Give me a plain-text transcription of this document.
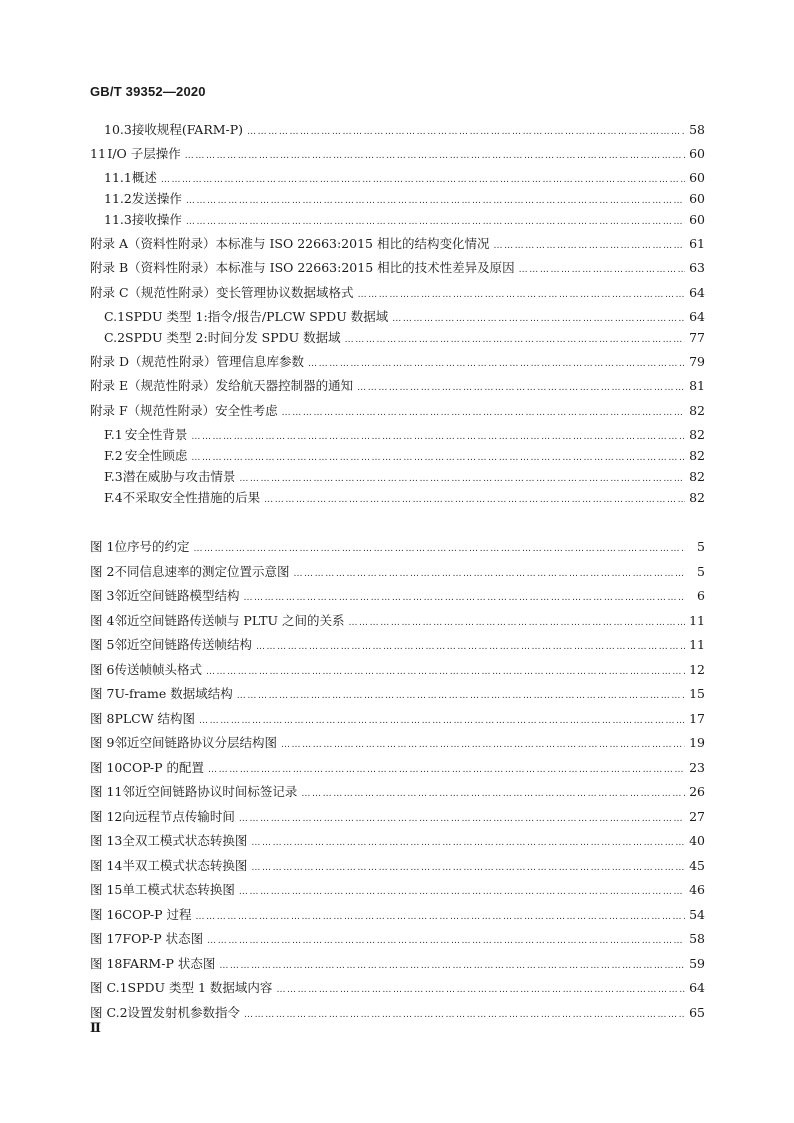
GB/T 39352—2020
10.3 接收规程(FARM-P) …………………………………………………………………………………………………………………………………………………………………………………………………………	58
11 I/O 子层操作 …………………………………………………………………………………………………………………………………………………………………………………………………………	60
11.1 概述 …………………………………………………………………………………………………………………………………………………………………………………………………………	60
11.2 发送操作 …………………………………………………………………………………………………………………………………………………………………………………………………………	60
11.3 接收操作 …………………………………………………………………………………………………………………………………………………………………………………………………………	60
附录 A（资料性附录） 本标准与 ISO 22663:2015 相比的结构变化情况 …………………………………………………………………………………………………………………………………………………………………………………………………………	61
附录 B（资料性附录） 本标准与 ISO 22663:2015 相比的技术性差异及原因 …………………………………………………………………………………………………………………………………………………………………………………………………………	63
附录 C（规范性附录） 变长管理协议数据域格式 …………………………………………………………………………………………………………………………………………………………………………………………………………	64
C.1 SPDU 类型 1:指令/报告/PLCW SPDU 数据域 …………………………………………………………………………………………………………………………………………………………………………………………………………	64
C.2 SPDU 类型 2:时间分发 SPDU 数据域 …………………………………………………………………………………………………………………………………………………………………………………………………………	77
附录 D（规范性附录） 管理信息库参数 …………………………………………………………………………………………………………………………………………………………………………………………………………	79
附录 E（规范性附录） 发给航天器控制器的通知 …………………………………………………………………………………………………………………………………………………………………………………………………………	81
附录 F（规范性附录） 安全性考虑 …………………………………………………………………………………………………………………………………………………………………………………………………………	82
F.1 安全性背景 …………………………………………………………………………………………………………………………………………………………………………………………………………	82
F.2 安全性顾虑 …………………………………………………………………………………………………………………………………………………………………………………………………………	82
F.3 潜在威胁与攻击情景 …………………………………………………………………………………………………………………………………………………………………………………………………………	82
F.4 不采取安全性措施的后果 …………………………………………………………………………………………………………………………………………………………………………………………………………	82
图 1 位序号的约定 …………………………………………………………………………………………………………………………………………………………………………………………………………	5
图 2 不同信息速率的测定位置示意图 …………………………………………………………………………………………………………………………………………………………………………………………………………	5
图 3 邻近空间链路模型结构 …………………………………………………………………………………………………………………………………………………………………………………………………………	6
图 4 邻近空间链路传送帧与 PLTU 之间的关系 …………………………………………………………………………………………………………………………………………………………………………………………………………	11
图 5 邻近空间链路传送帧结构 …………………………………………………………………………………………………………………………………………………………………………………………………………	11
图 6 传送帧帧头格式 …………………………………………………………………………………………………………………………………………………………………………………………………………	12
图 7 U-frame 数据域结构 …………………………………………………………………………………………………………………………………………………………………………………………………………	15
图 8 PLCW 结构图 …………………………………………………………………………………………………………………………………………………………………………………………………………	17
图 9 邻近空间链路协议分层结构图 …………………………………………………………………………………………………………………………………………………………………………………………………………	19
图 10 COP-P 的配置 …………………………………………………………………………………………………………………………………………………………………………………………………………	23
图 11 邻近空间链路协议时间标签记录 …………………………………………………………………………………………………………………………………………………………………………………………………………	26
图 12 向远程节点传输时间 …………………………………………………………………………………………………………………………………………………………………………………………………………	27
图 13 全双工模式状态转换图 …………………………………………………………………………………………………………………………………………………………………………………………………………	40
图 14 半双工模式状态转换图 …………………………………………………………………………………………………………………………………………………………………………………………………………	45
图 15 单工模式状态转换图 …………………………………………………………………………………………………………………………………………………………………………………………………………	46
图 16 COP-P 过程 …………………………………………………………………………………………………………………………………………………………………………………………………………	54
图 17 FOP-P 状态图 …………………………………………………………………………………………………………………………………………………………………………………………………………	58
图 18 FARM-P 状态图 …………………………………………………………………………………………………………………………………………………………………………………………………………	59
图 C.1 SPDU 类型 1 数据域内容 …………………………………………………………………………………………………………………………………………………………………………………………………………	64
图 C.2 设置发射机参数指令 …………………………………………………………………………………………………………………………………………………………………………………………………………	65
Ⅱ
